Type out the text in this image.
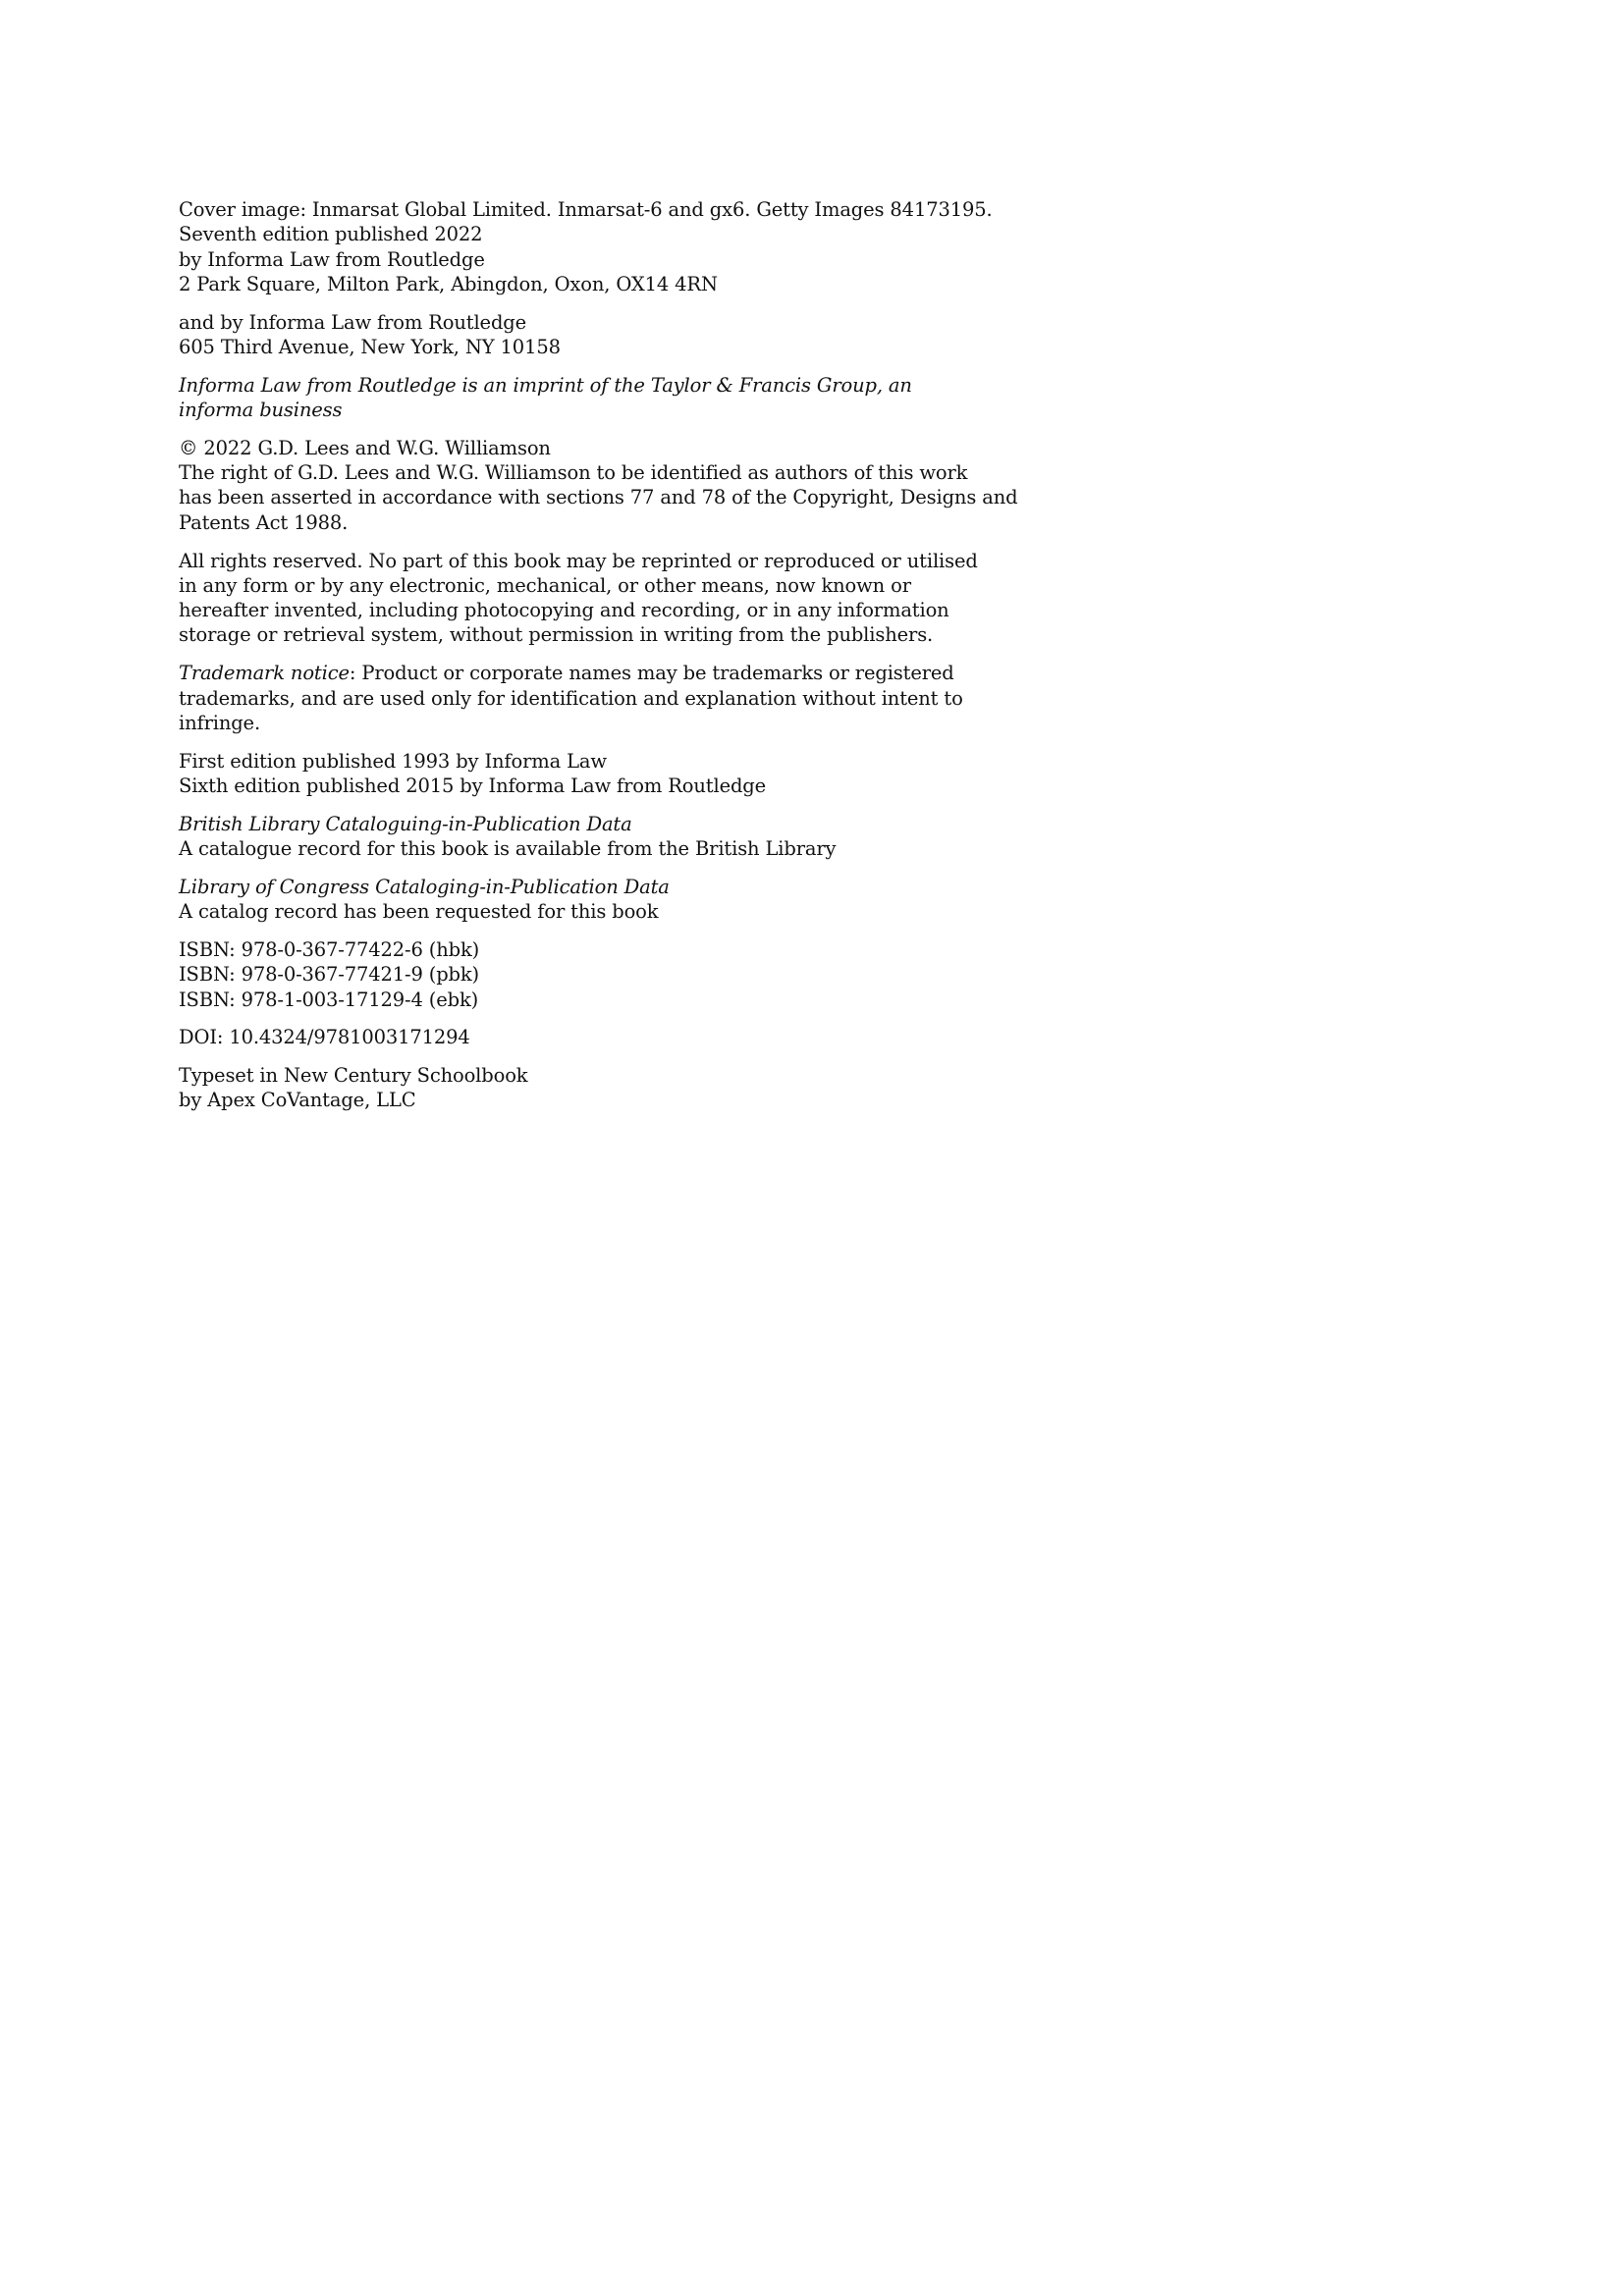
Cover image: Inmarsat Global Limited. Inmarsat-6 and gx6. Getty Images 84173195.
Seventh edition published 2022
by Informa Law from Routledge
2 Park Square, Milton Park, Abingdon, Oxon, OX14 4RN

and by Informa Law from Routledge
605 Third Avenue, New York, NY 10158

Informa Law from Routledge is an imprint of the Taylor & Francis Group, an
informa business

© 2022 G.D. Lees and W.G. Williamson
The right of G.D. Lees and W.G. Williamson to be identified as authors of this work
has been asserted in accordance with sections 77 and 78 of the Copyright, Designs and
Patents Act 1988.

All rights reserved. No part of this book may be reprinted or reproduced or utilised
in any form or by any electronic, mechanical, or other means, now known or
hereafter invented, including photocopying and recording, or in any information
storage or retrieval system, without permission in writing from the publishers.

Trademark notice: Product or corporate names may be trademarks or registered
trademarks, and are used only for identification and explanation without intent to
infringe.

First edition published 1993 by Informa Law
Sixth edition published 2015 by Informa Law from Routledge

British Library Cataloguing-in-Publication Data
A catalogue record for this book is available from the British Library

Library of Congress Cataloging-in-Publication Data
A catalog record has been requested for this book

ISBN: 978-0-367-77422-6 (hbk)
ISBN: 978-0-367-77421-9 (pbk)
ISBN: 978-1-003-17129-4 (ebk)

DOI: 10.4324/9781003171294

Typeset in New Century Schoolbook
by Apex CoVantage, LLC
